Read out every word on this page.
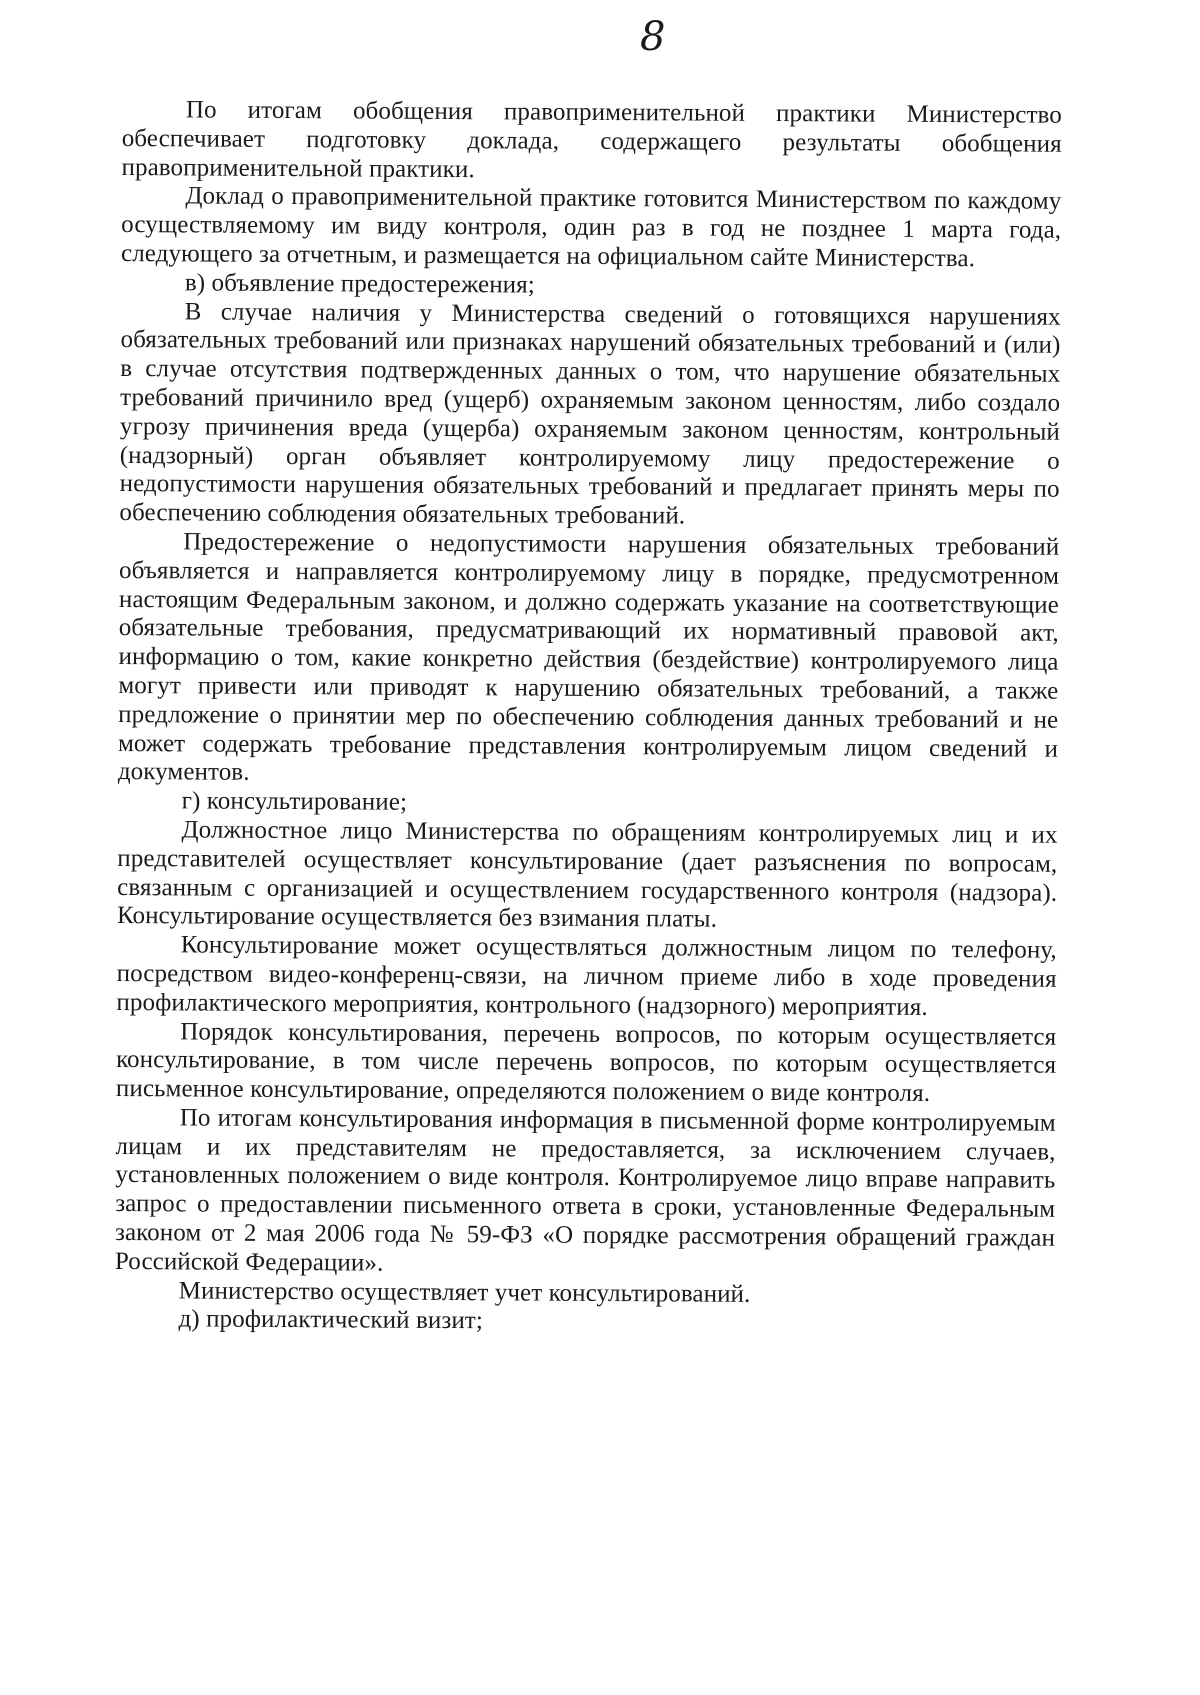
8

По итогам обобщения правоприменительной практики Министерство обеспечивает подготовку доклада, содержащего результаты обобщения правоприменительной практики.

Доклад о правоприменительной практике готовится Министерством по каждому осуществляемому им виду контроля, один раз в год не позднее 1 марта года, следующего за отчетным, и размещается на официальном сайте Министерства.

в) объявление предостережения;

В случае наличия у Министерства сведений о готовящихся нарушениях обязательных требований или признаках нарушений обязательных требований и (или) в случае отсутствия подтвержденных данных о том, что нарушение обязательных требований причинило вред (ущерб) охраняемым законом ценностям, либо создало угрозу причинения вреда (ущерба) охраняемым законом ценностям, контрольный (надзорный) орган объявляет контролируемому лицу предостережение о недопустимости нарушения обязательных требований и предлагает принять меры по обеспечению соблюдения обязательных требований.

Предостережение о недопустимости нарушения обязательных требований объявляется и направляется контролируемому лицу в порядке, предусмотренном настоящим Федеральным законом, и должно содержать указание на соответствующие обязательные требования, предусматривающий их нормативный правовой акт, информацию о том, какие конкретно действия (бездействие) контролируемого лица могут привести или приводят к нарушению обязательных требований, а также предложение о принятии мер по обеспечению соблюдения данных требований и не может содержать требование представления контролируемым лицом сведений и документов.

г) консультирование;

Должностное лицо Министерства по обращениям контролируемых лиц и их представителей осуществляет консультирование (дает разъяснения по вопросам, связанным с организацией и осуществлением государственного контроля (надзора). Консультирование осуществляется без взимания платы.

Консультирование может осуществляться должностным лицом по телефону, посредством видео-конференц-связи, на личном приеме либо в ходе проведения профилактического мероприятия, контрольного (надзорного) мероприятия.

Порядок консультирования, перечень вопросов, по которым осуществляется консультирование, в том числе перечень вопросов, по которым осуществляется письменное консультирование, определяются положением о виде контроля.

По итогам консультирования информация в письменной форме контролируемым лицам и их представителям не предоставляется, за исключением случаев, установленных положением о виде контроля. Контролируемое лицо вправе направить запрос о предоставлении письменного ответа в сроки, установленные Федеральным законом от 2 мая 2006 года № 59-ФЗ «О порядке рассмотрения обращений граждан Российской Федерации».

Министерство осуществляет учет консультирований.

д) профилактический визит;
